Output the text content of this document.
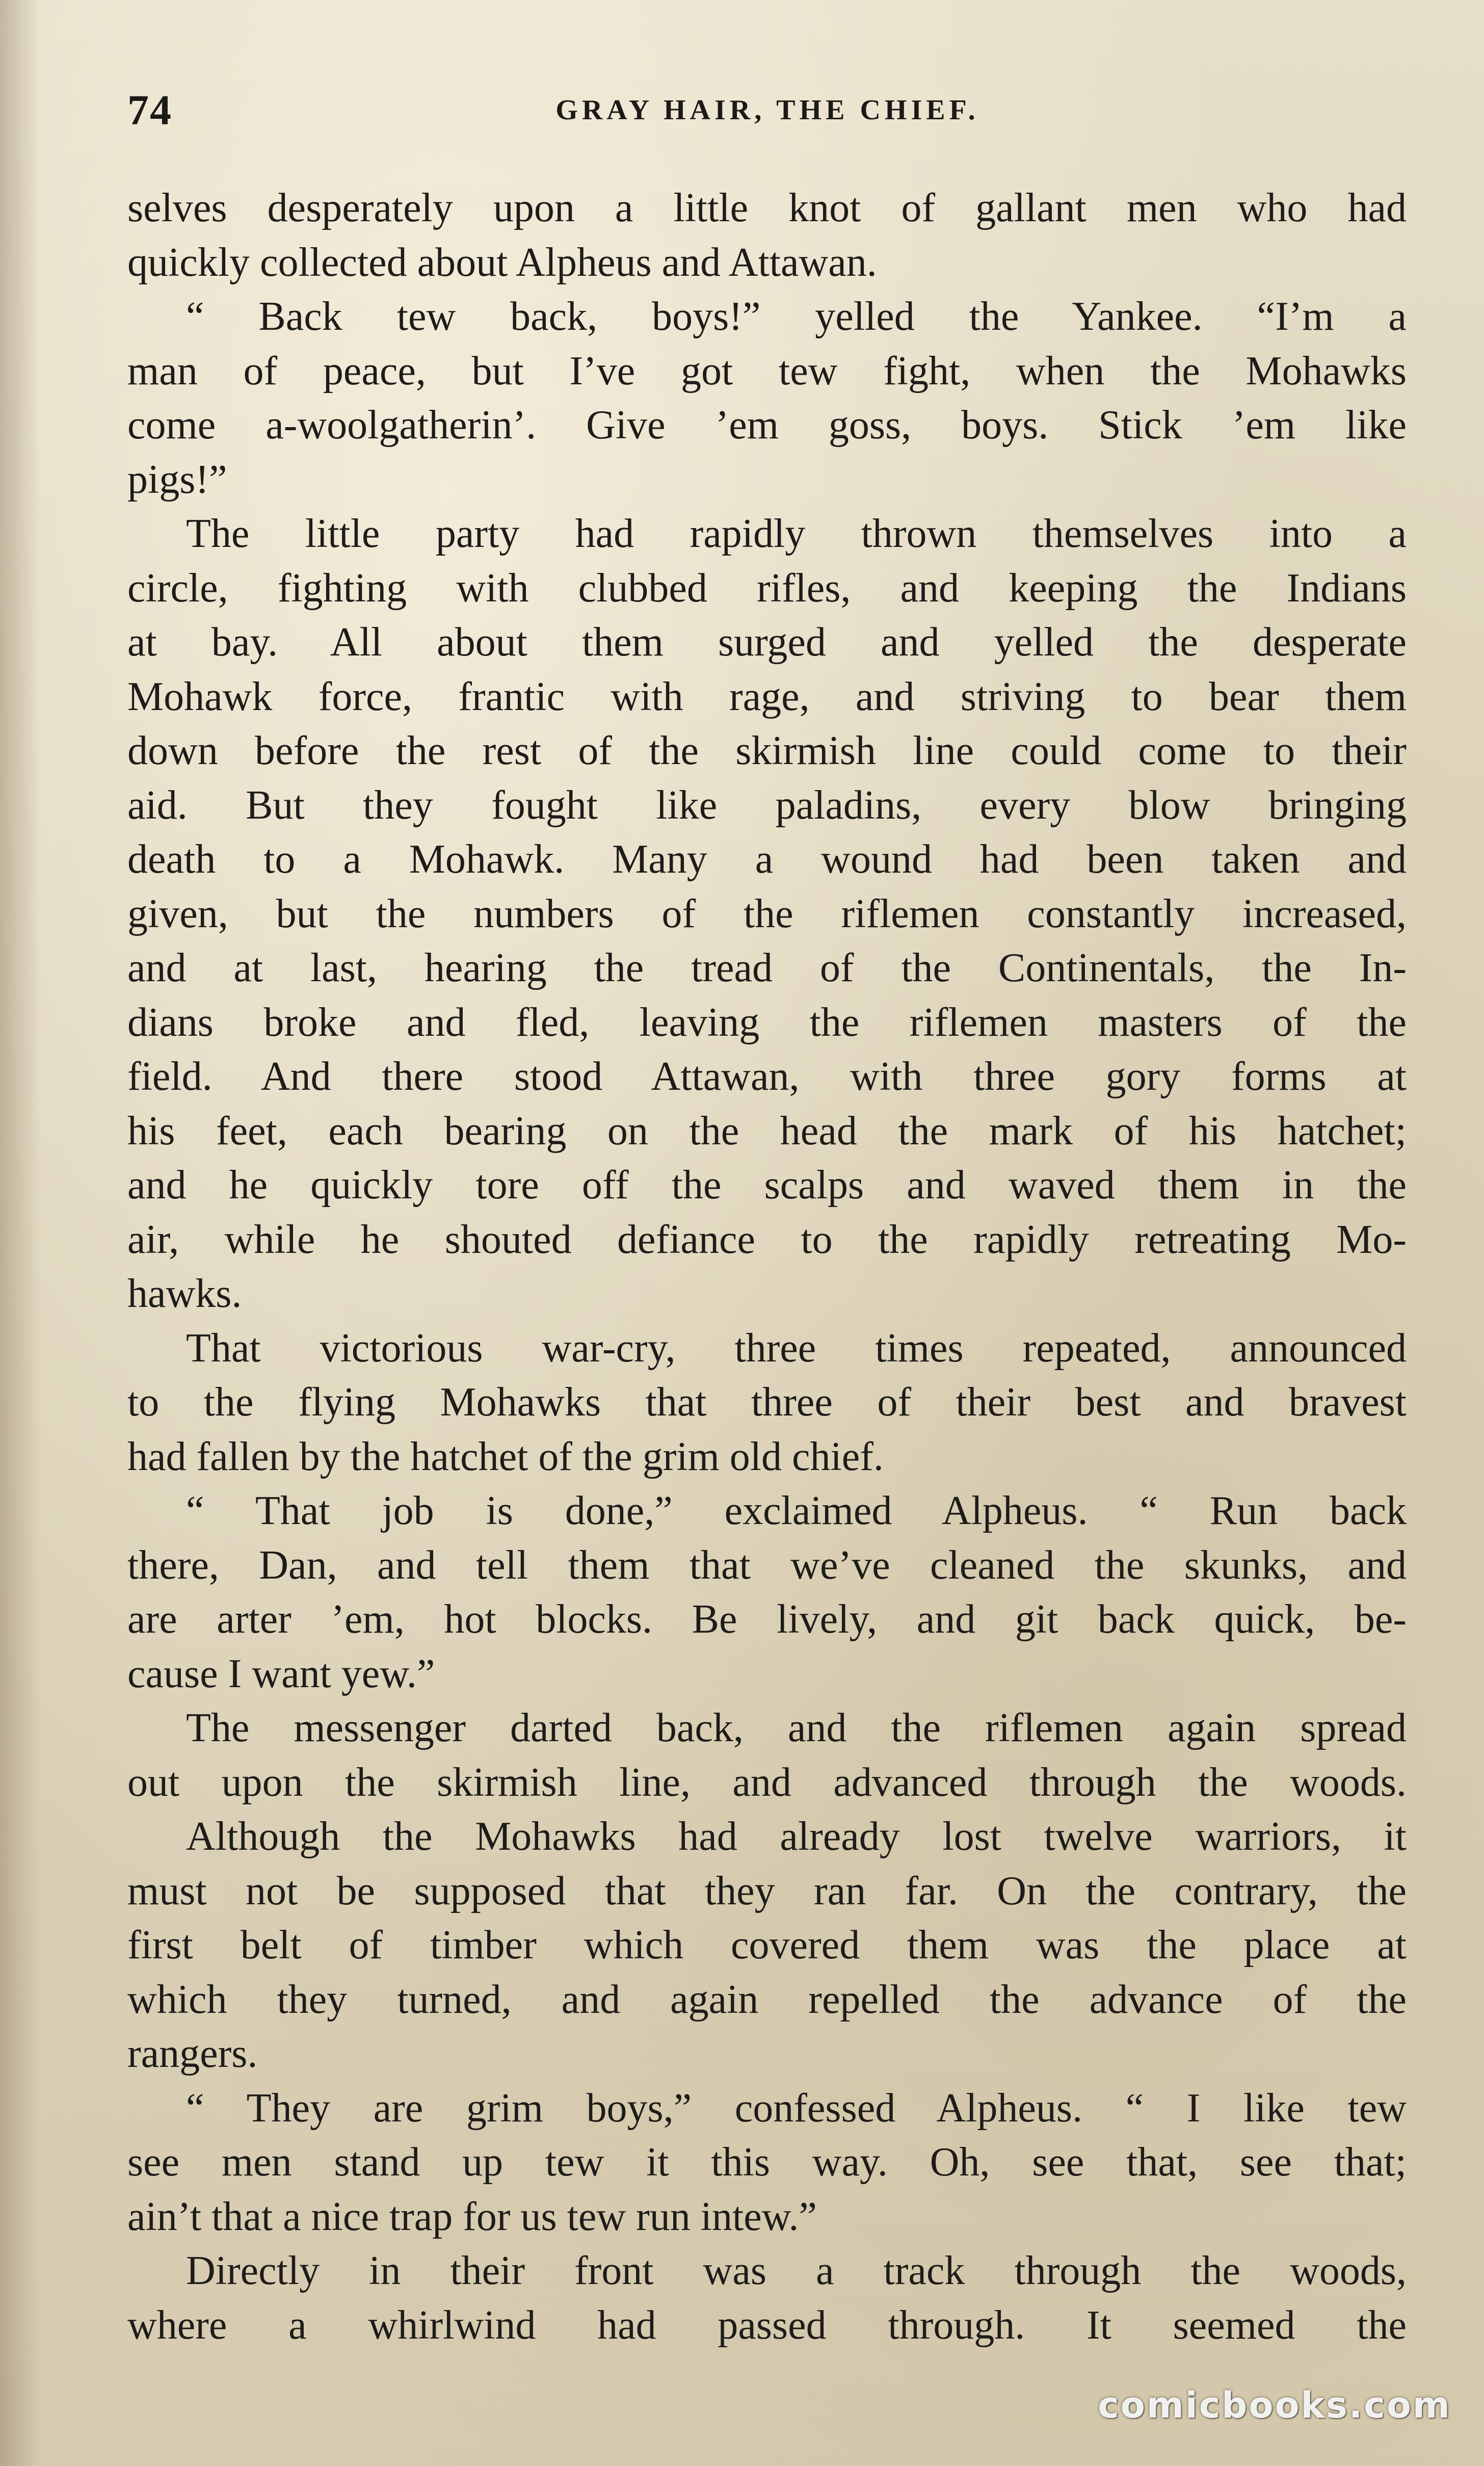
74	GRAY HAIR, THE CHIEF.
selves desperately upon a little knot of gallant men who had
quickly collected about Alpheus and Attawan.
“ Back tew back, boys!” yelled the Yankee. “I’m a
man of peace, but I’ve got tew fight, when the Mohawks
come a-woolgatherin’. Give ’em goss, boys. Stick ’em like
pigs!”
The little party had rapidly thrown themselves into a
circle, fighting with clubbed rifles, and keeping the Indians
at bay. All about them surged and yelled the desperate
Mohawk force, frantic with rage, and striving to bear them
down before the rest of the skirmish line could come to their
aid. But they fought like paladins, every blow bringing
death to a Mohawk. Many a wound had been taken and
given, but the numbers of the riflemen constantly increased,
and at last, hearing the tread of the Continentals, the In-
dians broke and fled, leaving the riflemen masters of the
field. And there stood Attawan, with three gory forms at
his feet, each bearing on the head the mark of his hatchet;
and he quickly tore off the scalps and waved them in the
air, while he shouted defiance to the rapidly retreating Mo-
hawks.
That victorious war-cry, three times repeated, announced
to the flying Mohawks that three of their best and bravest
had fallen by the hatchet of the grim old chief.
“ That job is done,” exclaimed Alpheus. “ Run back
there, Dan, and tell them that we’ve cleaned the skunks, and
are arter ’em, hot blocks. Be lively, and git back quick, be-
cause I want yew.”
The messenger darted back, and the riflemen again spread
out upon the skirmish line, and advanced through the woods.
Although the Mohawks had already lost twelve warriors, it
must not be supposed that they ran far. On the contrary, the
first belt of timber which covered them was the place at
which they turned, and again repelled the advance of the
rangers.
“ They are grim boys,” confessed Alpheus. “ I like tew
see men stand up tew it this way. Oh, see that, see that;
ain’t that a nice trap for us tew run intew.”
Directly in their front was a track through the woods,
where a whirlwind had passed through. It seemed the
comicbooks.com
